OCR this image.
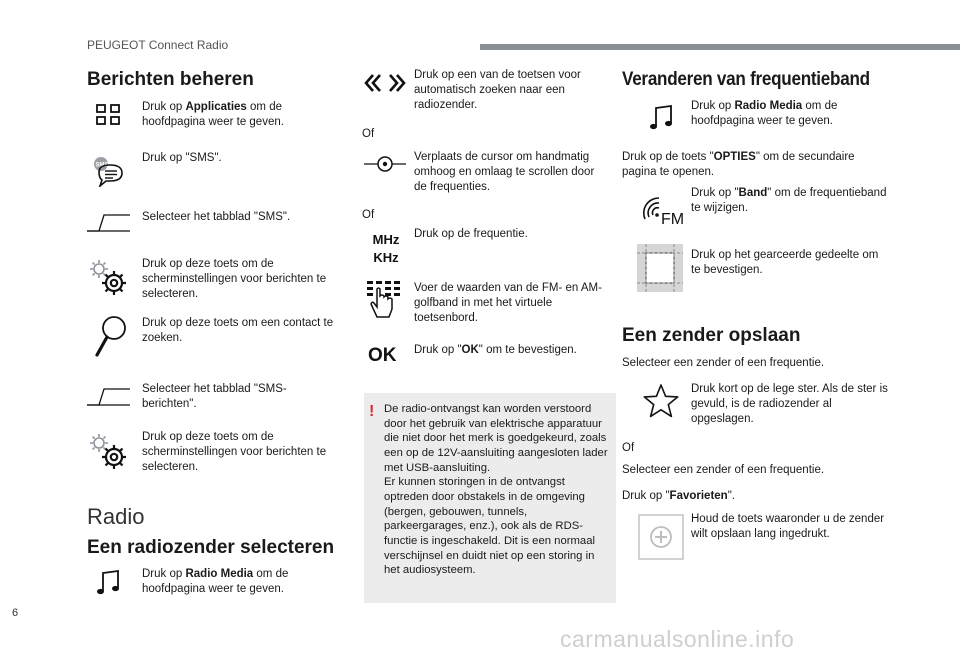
PEUGEOT Connect Radio
Berichten beheren
Druk op Applicaties om de hoofdpagina weer te geven.
SMS
Druk op "SMS".
Selecteer het tabblad "SMS".
Druk op deze toets om de scherminstellingen voor berichten te selecteren.
Druk op deze toets om een contact te zoeken.
Selecteer het tabblad "SMS-berichten".
Druk op deze toets om de scherminstellingen voor berichten te selecteren.
Radio
Een radiozender selecteren
Druk op Radio Media om de hoofdpagina weer te geven.
Druk op een van de toetsen voor automatisch zoeken naar een radiozender.
Of
Verplaats de cursor om handmatig omhoog en omlaag te scrollen door de frequenties.
Of
MHz
KHz
Druk op de frequentie.
Voer de waarden van de FM- en AM-golfband in met het virtuele toetsenbord.
OK Druk op "OK" om te bevestigen.
! De radio-ontvangst kan worden verstoord door het gebruik van elektrische apparatuur die niet door het merk is goedgekeurd, zoals een op de 12V-aansluiting aangesloten lader met USB-aansluiting.
Er kunnen storingen in de ontvangst optreden door obstakels in de omgeving (bergen, gebouwen, tunnels, parkeergarages, enz.), ook als de RDS-functie is ingeschakeld. Dit is een normaal verschijnsel en duidt niet op een storing in het audiosysteem.
Veranderen van frequentieband
Druk op Radio Media om de hoofdpagina weer te geven.
Druk op de toets "OPTIES" om de secundaire pagina te openen.
FM
Druk op "Band" om de frequentieband te wijzigen.
Druk op het gearceerde gedeelte om te bevestigen.
Een zender opslaan
Selecteer een zender of een frequentie.
Druk kort op de lege ster. Als de ster is gevuld, is de radiozender al opgeslagen.
Of
Selecteer een zender of een frequentie.
Druk op "Favorieten".
Houd de toets waaronder u de zender wilt opslaan lang ingedrukt.
6
carmanualsonline.info
